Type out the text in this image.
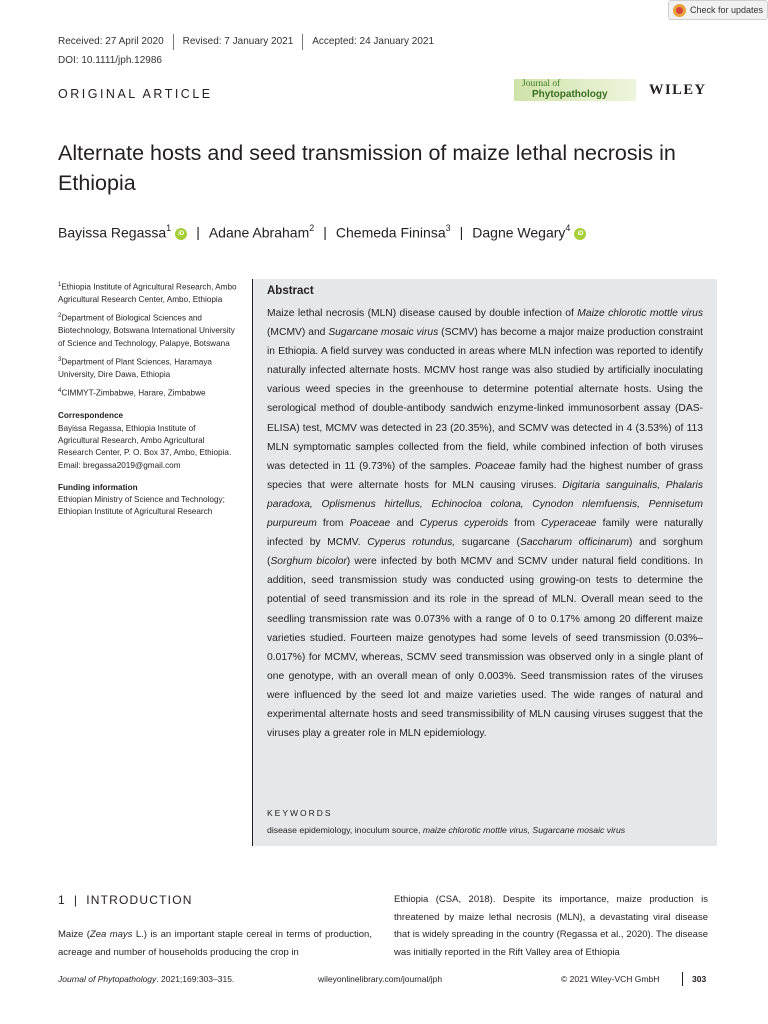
Check for updates
Received: 27 April 2020	Revised: 7 January 2021	Accepted: 24 January 2021
DOI: 10.1111/jph.12986
ORIGINAL ARTICLE
Journal of
Phytopathology	WILEY
Alternate hosts and seed transmission of maize lethal necrosis in Ethiopia
Bayissa Regassa$^1$iD | Adane Abraham$^2$ | Chemeda Fininsa$^3$ | Dagne Wegary$^4$iD

$^1$Ethiopia Institute of Agricultural Research, Ambo Agricultural Research Center, Ambo, Ethiopia

$^2$Department of Biological Sciences and Biotechnology, Botswana International University of Science and Technology, Palapye, Botswana

$^3$Department of Plant Sciences, Haramaya University, Dire Dawa, Ethiopia

$^4$CIMMYT-Zimbabwe, Harare, Zimbabwe

Correspondence

Bayissa Regassa, Ethiopia Institute of Agricultural Research, Ambo Agricultural Research Center, P. O. Box 37, Ambo, Ethiopia.

Email: bregassa2019@gmail.com

Funding information

Ethiopian Ministry of Science and Technology; Ethiopian Institute of Agricultural Research

Abstract
Maize lethal necrosis (MLN) disease caused by double infection of Maize chlorotic mottle virus (MCMV) and Sugarcane mosaic virus (SCMV) has become a major maize production constraint in Ethiopia. A field survey was conducted in areas where MLN infection was reported to identify naturally infected alternate hosts. MCMV host range was also studied by artificially inoculating various weed species in the greenhouse to determine potential alternate hosts. Using the serological method of double-antibody sandwich enzyme-linked immunosorbent assay (DAS-ELISA) test, MCMV was detected in 23 (20.35%), and SCMV was detected in 4 (3.53%) of 113 MLN symptomatic samples collected from the field, while combined infection of both viruses was detected in 11 (9.73%) of the samples. Poaceae family had the highest number of grass species that were alternate hosts for MLN causing viruses. Digitaria sanguinalis, Phalaris paradoxa, Oplismenus hirtellus, Echinocloa colona, Cynodon nlemfuensis, Pennisetum purpureum from Poaceae and Cyperus cyperoids from Cyperaceae family were naturally infected by MCMV. Cyperus rotundus, sugarcane (Saccharum officinarum) and sorghum (Sorghum bicolor) were infected by both MCMV and SCMV under natural field conditions. In addition, seed transmission study was conducted using growing-on tests to determine the potential of seed transmission and its role in the spread of MLN. Overall mean seed to the seedling transmission rate was 0.073% with a range of 0 to 0.17% among 20 different maize varieties studied. Fourteen maize genotypes had some levels of seed transmission (0.03%–0.017%) for MCMV, whereas, SCMV seed transmission was observed only in a single plant of one genotype, with an overall mean of only 0.003%. Seed transmission rates of the viruses were influenced by the seed lot and maize varieties used. The wide ranges of natural and experimental alternate hosts and seed transmissibility of MLN causing viruses suggest that the viruses play a greater role in MLN epidemiology.
KEYWORDS
disease epidemiology, inoculum source, maize chlorotic mottle virus, Sugarcane mosaic virus
1 | INTRODUCTION
Maize (Zea mays L.) is an important staple cereal in terms of production, acreage and number of households producing the crop in
Ethiopia (CSA, 2018). Despite its importance, maize production is threatened by maize lethal necrosis (MLN), a devastating viral disease that is widely spreading in the country (Regassa et al., 2020). The disease was initially reported in the Rift Valley area of Ethiopia
Journal of Phytopathology. 2021;169:303–315.	wileyonlinelibrary.com/journal/jph	© 2021 Wiley-VCH GmbH	303
